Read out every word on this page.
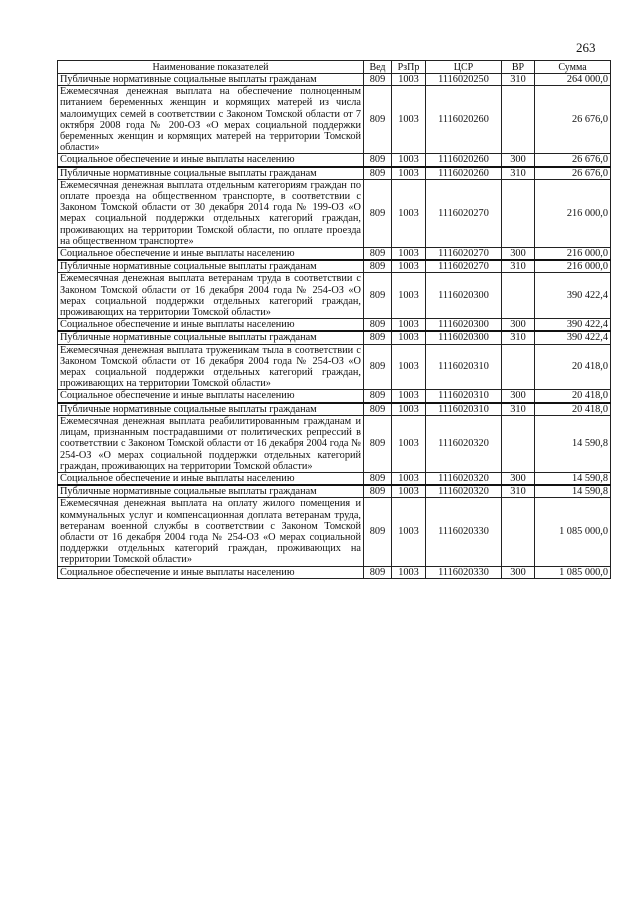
263
Наименование показателей	Вед	РзПр	ЦСР	ВР	Сумма
Публичные нормативные социальные выплаты гражданам	809	1003	1116020250	310	264 000,0
Ежемесячная денежная выплата на обеспечение полноценным питанием беременных женщин и кормящих матерей из числа малоимущих семей в соответствии с Законом Томской области от 7 октября 2008 года № 200-ОЗ «О мерах социальной поддержки беременных женщин и кормящих матерей на территории Томской области»	809	1003	1116020260		26 676,0
Социальное обеспечение и иные выплаты населению	809	1003	1116020260	300	26 676,0
Публичные нормативные социальные выплаты гражданам	809	1003	1116020260	310	26 676,0
Ежемесячная денежная выплата отдельным категориям граждан по оплате проезда на общественном транспорте, в соответствии с Законом Томской области от 30 декабря 2014 года № 199-ОЗ «О мерах социальной поддержки отдельных категорий граждан, проживающих на территории Томской области, по оплате проезда на общественном транспорте»	809	1003	1116020270		216 000,0
Социальное обеспечение и иные выплаты населению	809	1003	1116020270	300	216 000,0
Публичные нормативные социальные выплаты гражданам	809	1003	1116020270	310	216 000,0
Ежемесячная денежная выплата ветеранам труда в соответствии с Законом Томской области от 16 декабря 2004 года № 254-ОЗ «О мерах социальной поддержки отдельных категорий граждан, проживающих на территории Томской области»	809	1003	1116020300		390 422,4
Социальное обеспечение и иные выплаты населению	809	1003	1116020300	300	390 422,4
Публичные нормативные социальные выплаты гражданам	809	1003	1116020300	310	390 422,4
Ежемесячная денежная выплата труженикам тыла в соответствии с Законом Томской области от 16 декабря 2004 года № 254-ОЗ «О мерах социальной поддержки отдельных категорий граждан, проживающих на территории Томской области»	809	1003	1116020310		20 418,0
Социальное обеспечение и иные выплаты населению	809	1003	1116020310	300	20 418,0
Публичные нормативные социальные выплаты гражданам	809	1003	1116020310	310	20 418,0
Ежемесячная денежная выплата реабилитированным гражданам и лицам, признанным пострадавшими от политических репрессий в соответствии с Законом Томской области от 16 декабря 2004 года № 254-ОЗ «О мерах социальной поддержки отдельных категорий граждан, проживающих на территории Томской области»	809	1003	1116020320		14 590,8
Социальное обеспечение и иные выплаты населению	809	1003	1116020320	300	14 590,8
Публичные нормативные социальные выплаты гражданам	809	1003	1116020320	310	14 590,8
Ежемесячная денежная выплата на оплату жилого помещения и коммунальных услуг и компенсационная доплата ветеранам труда, ветеранам военной службы в соответствии с Законом Томской области от 16 декабря 2004 года № 254-ОЗ «О мерах социальной поддержки отдельных категорий граждан, проживающих на территории Томской области»	809	1003	1116020330		1 085 000,0
Социальное обеспечение и иные выплаты населению	809	1003	1116020330	300	1 085 000,0
